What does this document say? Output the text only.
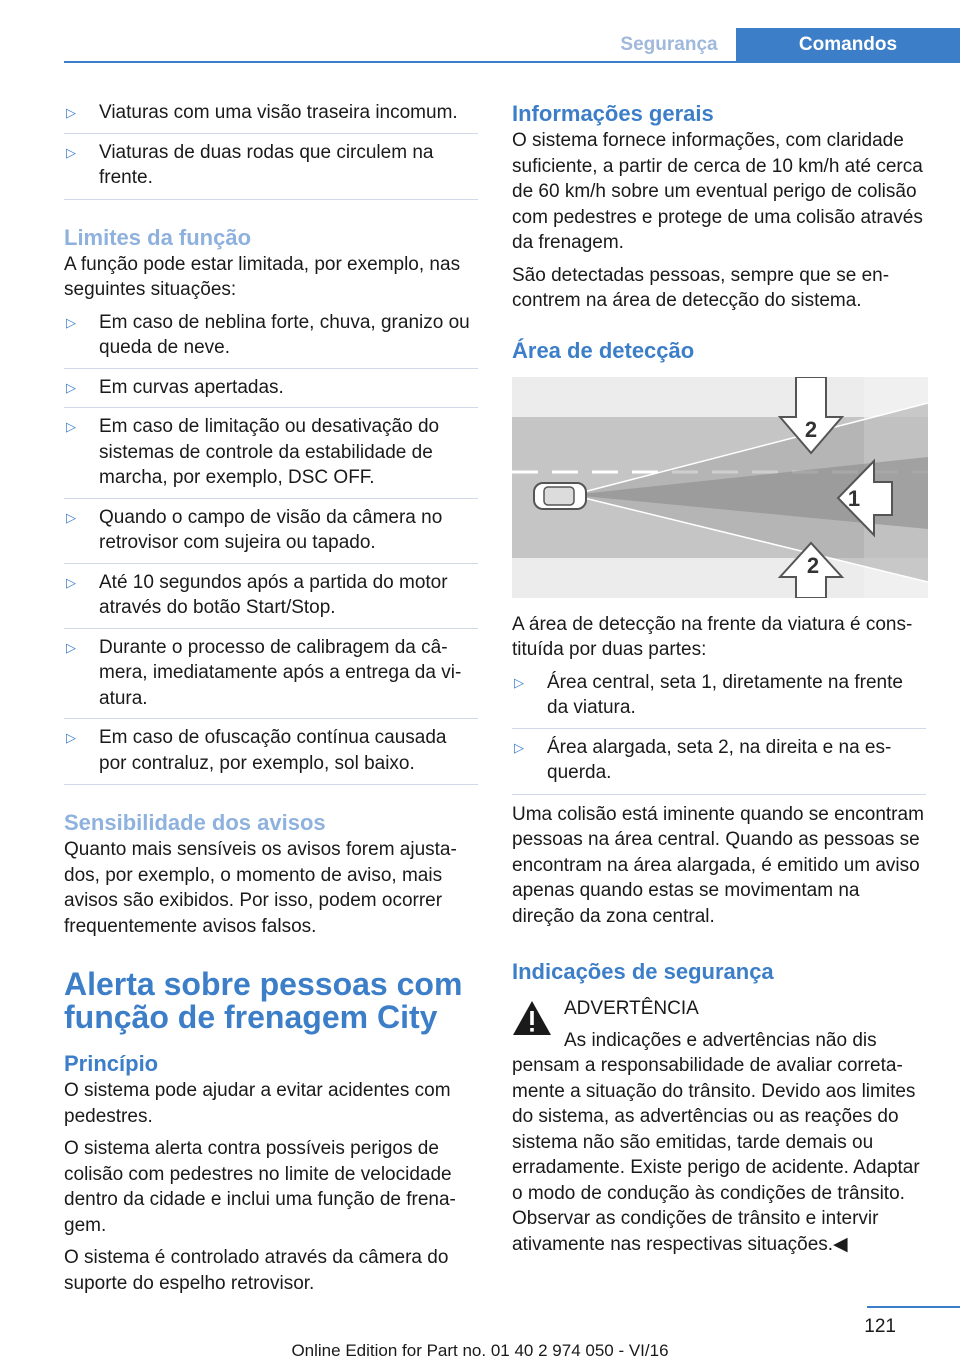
Segurança	Comandos
▷ Viaturas com uma visão traseira incomum.
▷ Viaturas de duas rodas que circulem na frente.
Limites da função

A função pode estar limitada, por exemplo, nas seguintes situações:

▷ Em caso de neblina forte, chuva, granizo ou queda de neve.
▷ Em curvas apertadas.
▷ Em caso de limitação ou desativação do sistemas de controle da estabilidade de marcha, por exemplo, DSC OFF.
▷ Quando o campo de visão da câmera no retrovisor com sujeira ou tapado.
▷ Até 10 segundos após a partida do motor através do botão Start/Stop.
▷ Durante o processo de calibragem da câmera, imediatamente após a entrega da viatura.
▷ Em caso de ofuscação contínua causada por contraluz, por exemplo, sol baixo.
Sensibilidade dos avisos

Quanto mais sensíveis os avisos forem ajustados, por exemplo, o momento de aviso, mais avisos são exibidos. Por isso, podem ocorrer frequentemente avisos falsos.

Alerta sobre pessoas com função de frenagem City
Princípio

O sistema pode ajudar a evitar acidentes com pedestres.

O sistema alerta contra possíveis perigos de colisão com pedestres no limite de velocidade dentro da cidade e inclui uma função de frenagem.

O sistema é controlado através da câmera do suporte do espelho retrovisor.

Informações gerais

O sistema fornece informações, com claridade suficiente, a partir de cerca de 10 km/h até cerca de 60 km/h sobre um eventual perigo de colisão com pedestres e protege de uma colisão através da frenagem.

São detectadas pessoas, sempre que se encontrem na área de detecção do sistema.

Área de detecção
2
1
2

A área de detecção na frente da viatura é constituída por duas partes:

▷ Área central, seta 1, diretamente na frente da viatura.
▷ Área alargada, seta 2, na direita e na esquerda.

Uma colisão está iminente quando se encontram pessoas na área central. Quando as pessoas se encontram na área alargada, é emitido um aviso apenas quando estas se movimentam na direção da zona central.

Indicações de segurança

ADVERTÊNCIA

As indicações e advertências não dis

pensam a responsabilidade de avaliar corretamente a situação do trânsito. Devido aos limites do sistema, as advertências ou as reações do sistema não são emitidas, tarde demais ou erradamente. Existe perigo de acidente. Adaptar o modo de condução às condições de trânsito. Observar as condições de trânsito e intervir ativamente nas respectivas situações.◀

121
Online Edition for Part no. 01 40 2 974 050 - VI/16
